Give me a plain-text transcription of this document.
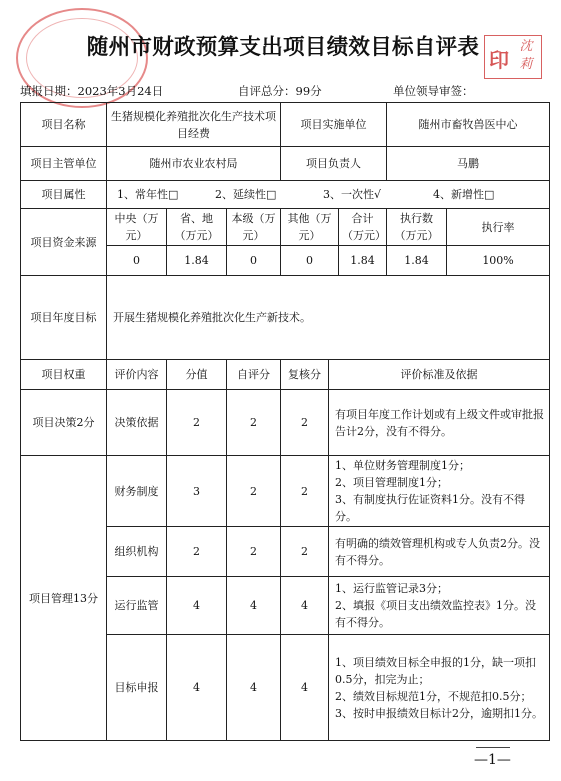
随州市财政预算支出项目绩效目标自评表 印
沈
莉
填报日期：2023年3月24日	自评总分：99分	单位领导审签：
项目名称	生猪规模化养殖批次化生产技术项目经费			项目实施单位			随州市畜牧兽医中心	
项目主管单位	随州市农业农村局			项目负责人			马鹏	
项目属性	1、常年性□ 2、延续性□ 3、一次性√ 4、新增性□							
项目资金来源	中央（万元）	省、地（万元）	本级（万元）	其他（万元）		合计（万元）	执行数（万元）	执行率
	0	1.84	0	0		1.84	1.84	100%
项目年度目标	开展生猪规模化养殖批次化生产新技术。							
项目权重	评价内容	分值	自评分	复核分	评价标准及依据			
项目决策2分	决策依据	2	2	2	有项目年度工作计划或有上级文件或审批报告计2分，没有不得分。			

项目管理13分	财务制度	3	2	2	1、单位财务管理制度1分；
2、项目管理制度1分；
3、有制度执行佐证资料1分。没有不得分。			

	组织机构	2	2	2	有明确的绩效管理机构或专人负责2分。没有不得分。			

	运行监管	4	4	4	1、运行监管记录3分；
2、填报《项目支出绩效监控表》1分。没有不得分。			

	目标申报	4	4	4	1、项目绩效目标全申报的1分，缺一项扣0.5分，扣完为止；
2、绩效目标规范1分，不规范扣0.5分；
3、按时申报绩效目标计2分，逾期扣1分。			
—1—
